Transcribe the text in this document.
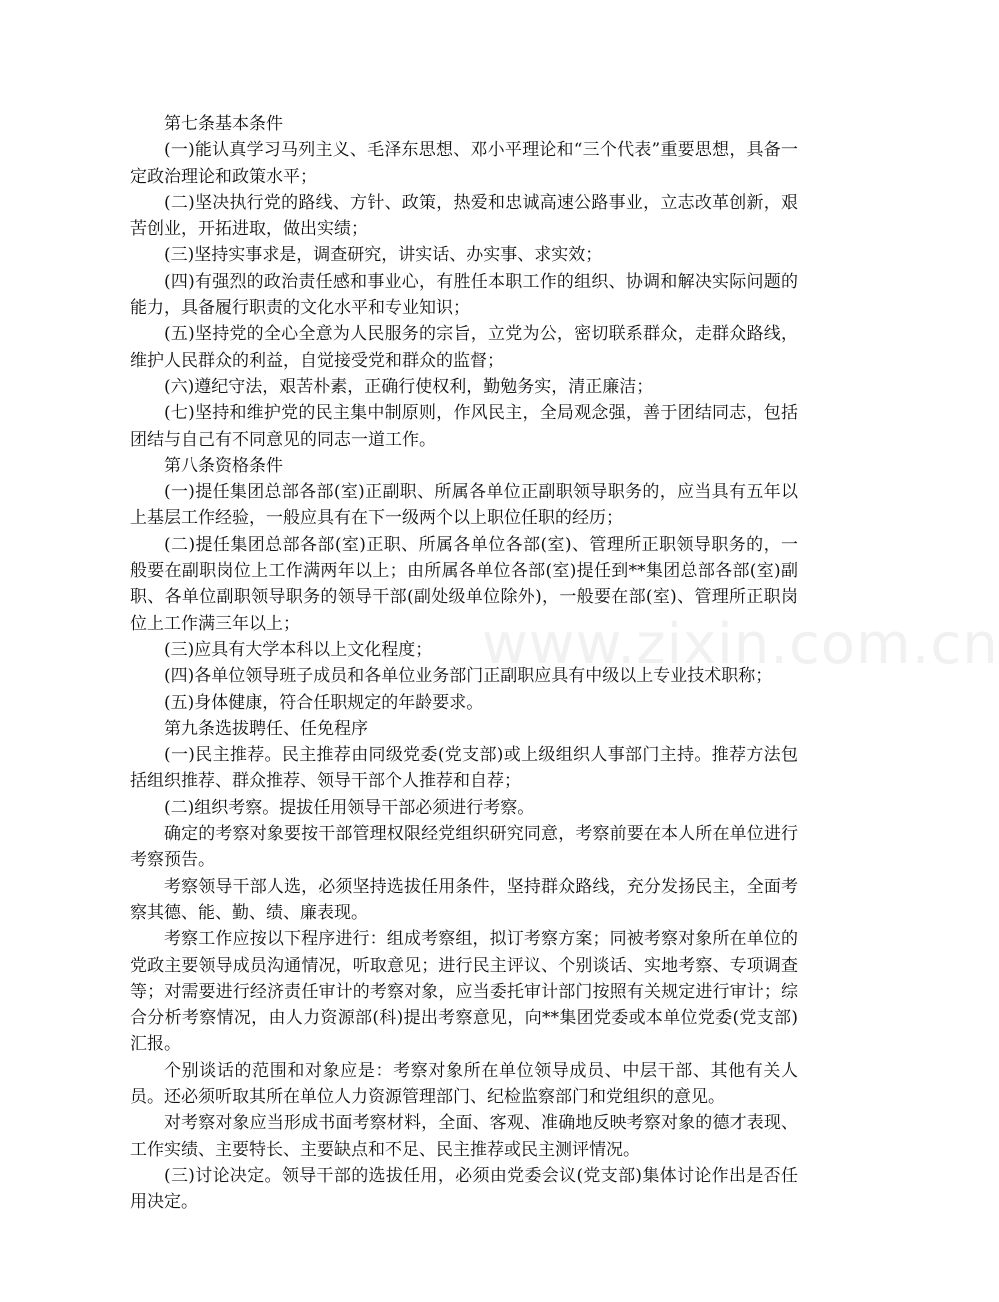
www.zixin.com.cn

第七条基本条件

(一)能认真学习马列主义、毛泽东思想、邓小平理论和“三个代表”重要思想，具备一定政治理论和政策水平；

(二)坚决执行党的路线、方针、政策，热爱和忠诚高速公路事业，立志改革创新，艰苦创业，开拓进取，做出实绩；

(三)坚持实事求是，调查研究，讲实话、办实事、求实效；

(四)有强烈的政治责任感和事业心，有胜任本职工作的组织、协调和解决实际问题的能力，具备履行职责的文化水平和专业知识；

(五)坚持党的全心全意为人民服务的宗旨，立党为公，密切联系群众，走群众路线，维护人民群众的利益，自觉接受党和群众的监督；

(六)遵纪守法，艰苦朴素，正确行使权利，勤勉务实，清正廉洁；

(七)坚持和维护党的民主集中制原则，作风民主，全局观念强，善于团结同志，包括团结与自己有不同意见的同志一道工作。

第八条资格条件

(一)提任集团总部各部(室)正副职、所属各单位正副职领导职务的，应当具有五年以上基层工作经验，一般应具有在下一级两个以上职位任职的经历；

(二)提任集团总部各部(室)正职、所属各单位各部(室)、管理所正职领导职务的，一般要在副职岗位上工作满两年以上；由所属各单位各部(室)提任到**集团总部各部(室)副职、各单位副职领导职务的领导干部(副处级单位除外)，一般要在部(室)、管理所正职岗位上工作满三年以上；

(三)应具有大学本科以上文化程度；

(四)各单位领导班子成员和各单位业务部门正副职应具有中级以上专业技术职称；

(五)身体健康，符合任职规定的年龄要求。

第九条选拔聘任、任免程序

(一)民主推荐。民主推荐由同级党委(党支部)或上级组织人事部门主持。推荐方法包括组织推荐、群众推荐、领导干部个人推荐和自荐；

(二)组织考察。提拔任用领导干部必须进行考察。

确定的考察对象要按干部管理权限经党组织研究同意，考察前要在本人所在单位进行考察预告。

考察领导干部人选，必须坚持选拔任用条件，坚持群众路线，充分发扬民主，全面考察其德、能、勤、绩、廉表现。

考察工作应按以下程序进行：组成考察组，拟订考察方案；同被考察对象所在单位的党政主要领导成员沟通情况，听取意见；进行民主评议、个别谈话、实地考察、专项调查等；对需要进行经济责任审计的考察对象，应当委托审计部门按照有关规定进行审计；综合分析考察情况，由人力资源部(科)提出考察意见，向**集团党委或本单位党委(党支部)汇报。

个别谈话的范围和对象应是：考察对象所在单位领导成员、中层干部、其他有关人员。还必须听取其所在单位人力资源管理部门、纪检监察部门和党组织的意见。

对考察对象应当形成书面考察材料，全面、客观、准确地反映考察对象的德才表现、工作实绩、主要特长、主要缺点和不足、民主推荐或民主测评情况。

(三)讨论决定。领导干部的选拔任用，必须由党委会议(党支部)集体讨论作出是否任用决定。
